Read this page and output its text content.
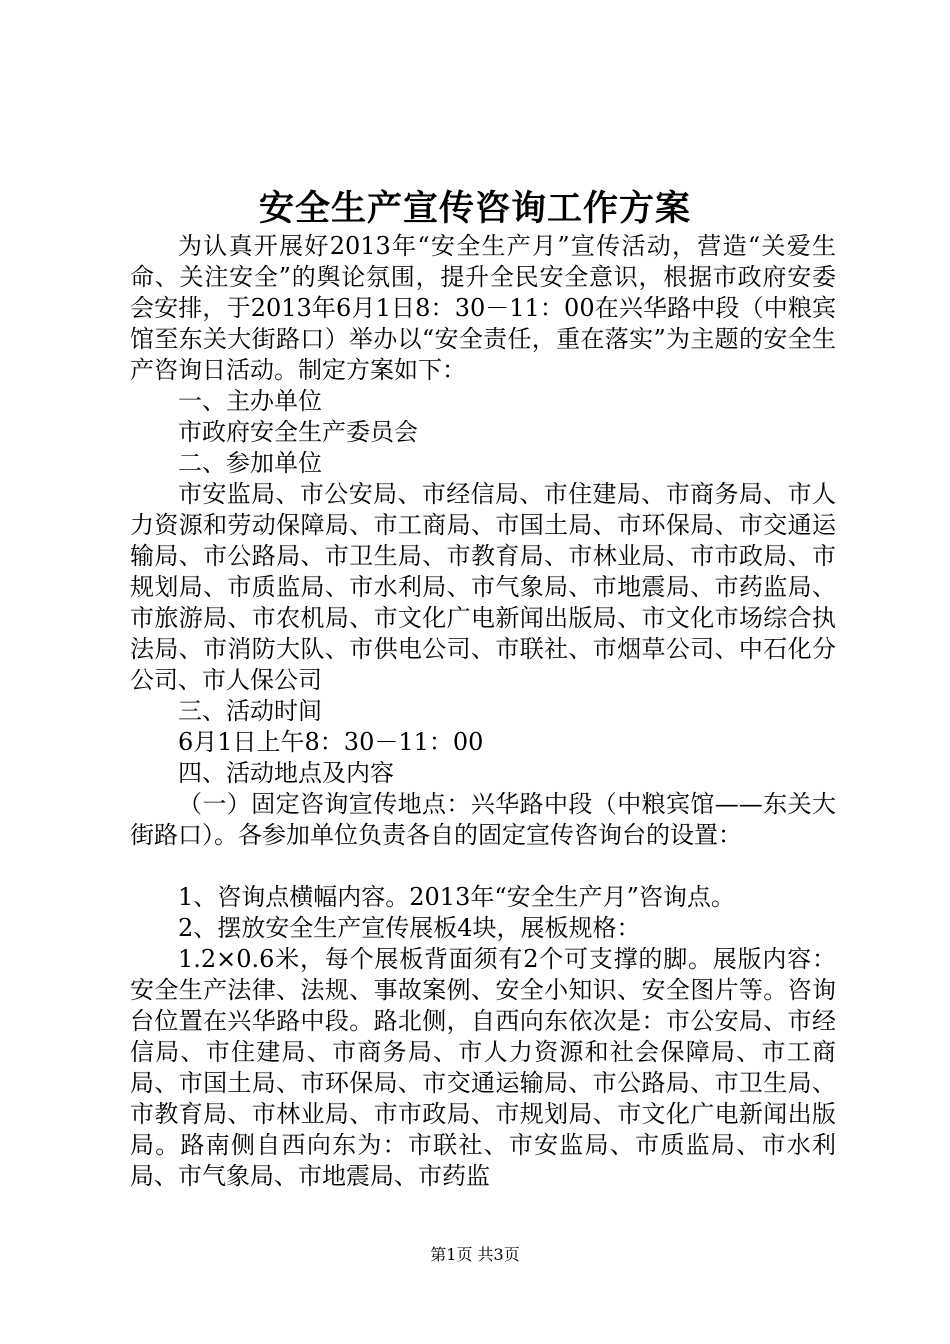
安全生产宣传咨询工作方案

为认真开展好2013年“安全生产月”宣传活动，营造“关爱生命、关注安全”的舆论氛围，提升全民安全意识，根据市政府安委会安排，于2013年6月1日8：30－11：00在兴华路中段（中粮宾馆至东关大街路口）举办以“安全责任，重在落实”为主题的安全生产咨询日活动。制定方案如下：

一、主办单位

市政府安全生产委员会

二、参加单位

市安监局、市公安局、市经信局、市住建局、市商务局、市人力资源和劳动保障局、市工商局、市国土局、市环保局、市交通运输局、市公路局、市卫生局、市教育局、市林业局、市市政局、市规划局、市质监局、市水利局、市气象局、市地震局、市药监局、市旅游局、市农机局、市文化广电新闻出版局、市文化市场综合执法局、市消防大队、市供电公司、市联社、市烟草公司、中石化分公司、市人保公司

三、活动时间

6月1日上午8：30－11：00

四、活动地点及内容

（一）固定咨询宣传地点：兴华路中段（中粮宾馆——东关大街路口）。各参加单位负责各自的固定宣传咨询台的设置：

1、咨询点横幅内容。2013年“安全生产月”咨询点。

2、摆放安全生产宣传展板4块，展板规格：

1.2×0.6米，每个展板背面须有2个可支撑的脚。展版内容：安全生产法律、法规、事故案例、安全小知识、安全图片等。咨询台位置在兴华路中段。路北侧，自西向东依次是：市公安局、市经信局、市住建局、市商务局、市人力资源和社会保障局、市工商局、市国土局、市环保局、市交通运输局、市公路局、市卫生局、市教育局、市林业局、市市政局、市规划局、市文化广电新闻出版局。路南侧自西向东为：市联社、市安监局、市质监局、市水利局、市气象局、市地震局、市药监

第1页 共3页
